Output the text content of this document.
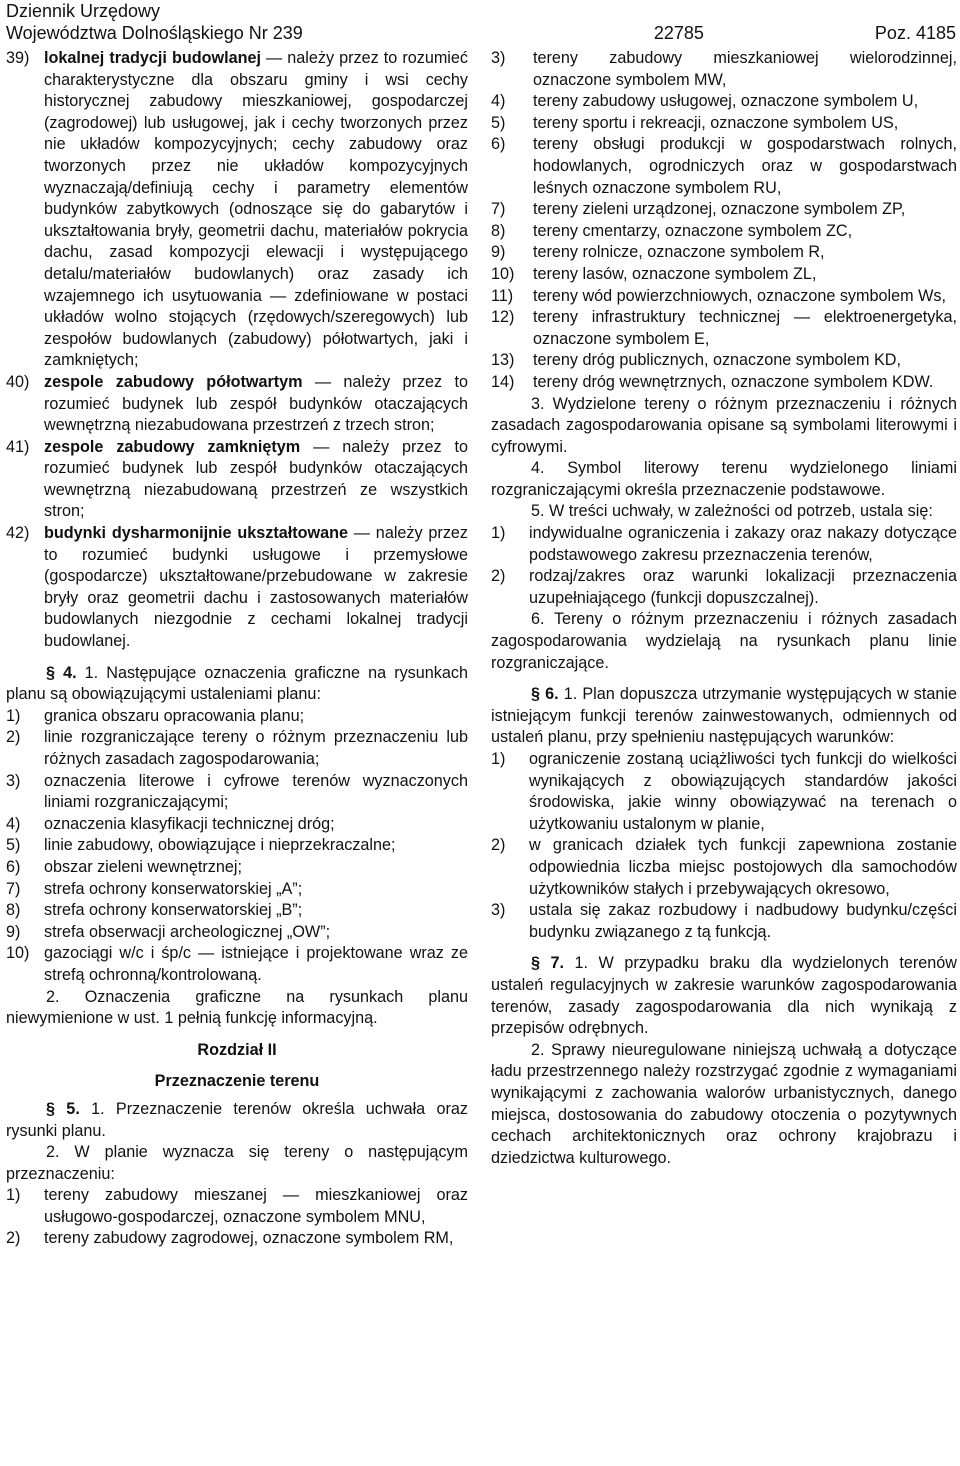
Dziennik Urzędowy
Województwa Dolnośląskiego Nr 239	22785	Poz. 4185
39) lokalnej tradycji budowlanej — należy przez to rozumieć charakterystyczne dla obszaru gminy i wsi cechy historycznej zabudowy mieszkaniowej, gospodarczej (zagrodowej) lub usługowej, jak i cechy tworzonych przez nie układów kompozycyjnych; cechy zabudowy oraz tworzonych przez nie układów kompozycyjnych wyznaczają/definiują cechy i parametry elementów budynków zabytkowych (odnoszące się do gabarytów i ukształtowania bryły, geometrii dachu, materiałów pokrycia dachu, zasad kompozycji elewacji i występującego detalu/materiałów budowlanych) oraz zasady ich wzajemnego ich usytuowania — zdefiniowane w postaci układów wolno stojących (rzędowych/szeregowych) lub zespołów budowlanych (zabudowy) półotwartych, jaki i zamkniętych;
40) zespole zabudowy półotwartym — należy przez to rozumieć budynek lub zespół budynków otaczających wewnętrzną niezabudowana przestrzeń z trzech stron;
41) zespole zabudowy zamkniętym — należy przez to rozumieć budynek lub zespół budynków otaczających wewnętrzną niezabudowaną przestrzeń ze wszystkich stron;
42) budynki dysharmonijnie ukształtowane — należy przez to rozumieć budynki usługowe i przemysłowe (gospodarcze) ukształtowane/przebudowane w zakresie bryły oraz geometrii dachu i zastosowanych materiałów budowlanych niezgodnie z cechami lokalnej tradycji budowlanej.

§ 4. 1. Następujące oznaczenia graficzne na rysunkach planu są obowiązującymi ustaleniami planu:

1)	granica obszaru opracowania planu;
2)	linie rozgraniczające tereny o różnym przeznaczeniu lub różnych zasadach zagospodarowania;
3)	oznaczenia literowe i cyfrowe terenów wyznaczonych liniami rozgraniczającymi;
4)	oznaczenia klasyfikacji technicznej dróg;
5)	linie zabudowy, obowiązujące i nieprzekraczalne;
6)	obszar zieleni wewnętrznej;
7)	strefa ochrony konserwatorskiej „A”;
8)	strefa ochrony konserwatorskiej „B”;
9)	strefa obserwacji archeologicznej „OW”;
10) gazociągi w/c i śp/c — istniejące i projektowane wraz ze strefą ochronną/kontrolowaną.

2. Oznaczenia graficzne na rysunkach planu niewymienione w ust. 1 pełnią funkcję informacyjną.

Rozdział II

Przeznaczenie terenu

§ 5. 1. Przeznaczenie terenów określa uchwała oraz rysunki planu.

2. W planie wyznacza się tereny o następującym przeznaczeniu:

1)	tereny zabudowy mieszanej — mieszkaniowej oraz usługowo-gospodarczej, oznaczone symbolem MNU,
2)	tereny zabudowy zagrodowej, oznaczone symbolem RM,
3)	tereny zabudowy mieszkaniowej wielorodzinnej, oznaczone symbolem MW,
4)	tereny zabudowy usługowej, oznaczone symbolem U,
5)	tereny sportu i rekreacji, oznaczone symbolem US,
6)	tereny obsługi produkcji w gospodarstwach rolnych, hodowlanych, ogrodniczych oraz w gospodarstwach leśnych oznaczone symbolem RU,
7)	tereny zieleni urządzonej, oznaczone symbolem ZP,
8)	tereny cmentarzy, oznaczone symbolem ZC,
9)	tereny rolnicze, oznaczone symbolem R,
10)	tereny lasów, oznaczone symbolem ZL,
11)	tereny wód powierzchniowych, oznaczone symbolem Ws,
12)	tereny infrastruktury technicznej — elektroenergetyka, oznaczone symbolem E,
13)	tereny dróg publicznych, oznaczone symbolem KD,
14)	tereny dróg wewnętrznych, oznaczone symbolem KDW.

3. Wydzielone tereny o różnym przeznaczeniu i różnych zasadach zagospodarowania opisane są symbolami literowymi i cyfrowymi.

4. Symbol literowy terenu wydzielonego liniami rozgraniczającymi określa przeznaczenie podstawowe.

5. W treści uchwały, w zależności od potrzeb, ustala się:

1)	indywidualne ograniczenia i zakazy oraz nakazy dotyczące podstawowego zakresu przeznaczenia terenów,
2)	rodzaj/zakres oraz warunki lokalizacji przeznaczenia uzupełniającego (funkcji dopuszczalnej).

6. Tereny o różnym przeznaczeniu i różnych zasadach zagospodarowania wydzielają na rysunkach planu linie rozgraniczające.

§ 6. 1. Plan dopuszcza utrzymanie występujących w stanie istniejącym funkcji terenów zainwestowanych, odmiennych od ustaleń planu, przy spełnieniu następujących warunków:

1)	ograniczenie zostaną uciążliwości tych funkcji do wielkości wynikających z obowiązujących standardów jakości środowiska, jakie winny obowiązywać na terenach o użytkowaniu ustalonym w planie,
2)	w granicach działek tych funkcji zapewniona zostanie odpowiednia liczba miejsc postojowych dla samochodów użytkowników stałych i przebywających okresowo,
3)	ustala się zakaz rozbudowy i nadbudowy budynku/części budynku związanego z tą funkcją.

§ 7. 1. W przypadku braku dla wydzielonych terenów ustaleń regulacyjnych w zakresie warunków zagospodarowania terenów, zasady zagospodarowania dla nich wynikają z przepisów odrębnych.

2. Sprawy nieuregulowane niniejszą uchwałą a dotyczące ładu przestrzennego należy rozstrzygać zgodnie z wymaganiami wynikającymi z zachowania walorów urbanistycznych, danego miejsca, dostosowania do zabudowy otoczenia o pozytywnych cechach architektonicznych oraz ochrony krajobrazu i dziedzictwa kulturowego.
